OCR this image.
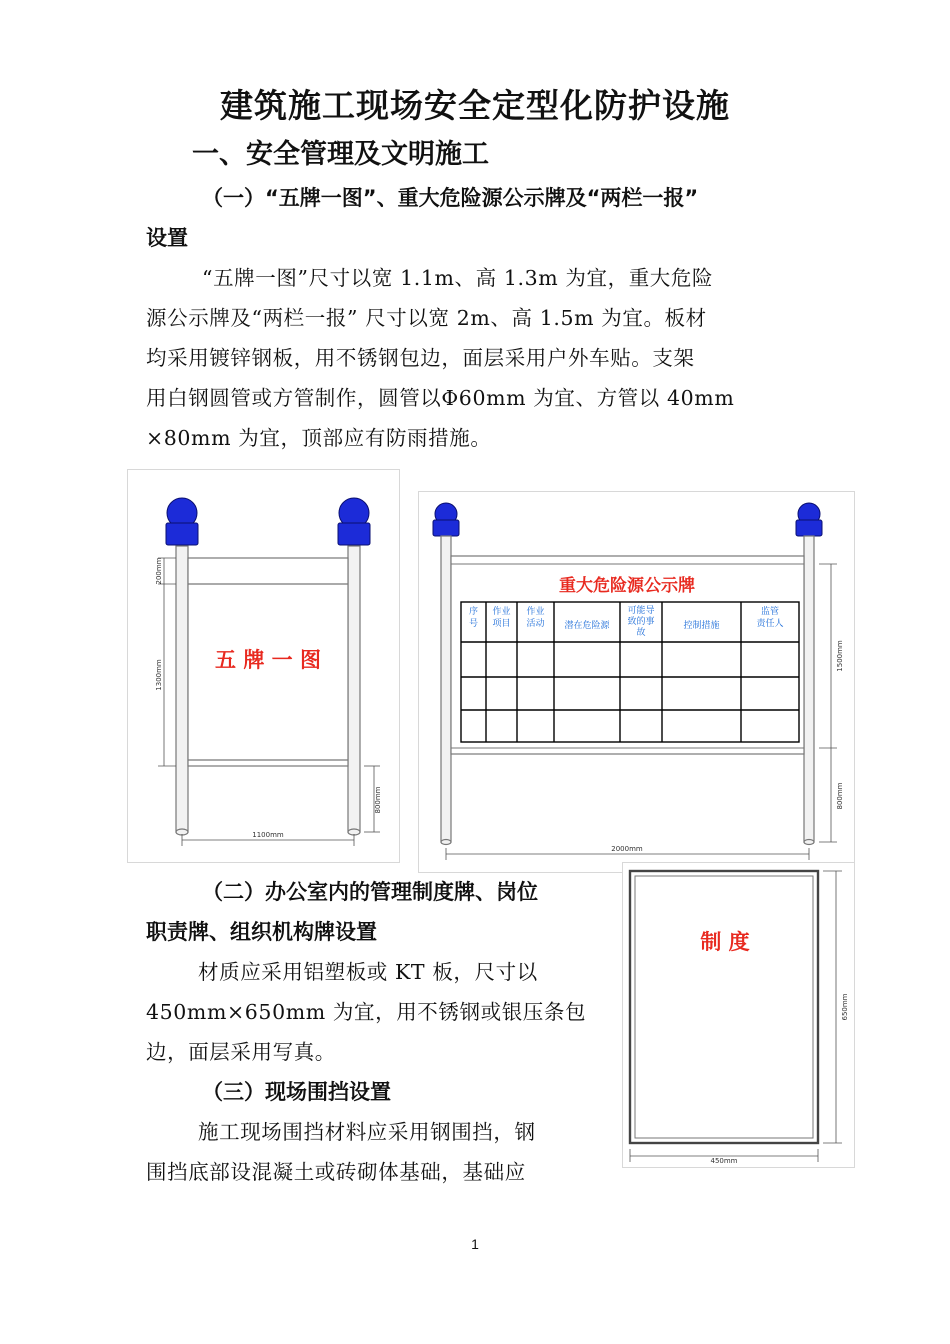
建筑施工现场安全定型化防护设施
一、安全管理及文明施工
（一）“五牌一图”、重大危险源公示牌及“两栏一报”
设置
“五牌一图”尺寸以宽 1.1m、高 1.3m 为宜，重大危险
源公示牌及“两栏一报” 尺寸以宽 2m、高 1.5m 为宜。板材
均采用镀锌钢板，用不锈钢包边，面层采用户外车贴。支架
用白钢圆管或方管制作，圆管以Φ60mm 为宜、方管以 40mm
×80mm 为宜，顶部应有防雨措施。
五 牌 一 图
200mm
1300mm
800mm
1100mm
重大危险源公示牌
序
号
作业
项目
作业
活动 潜在危险源
可能导
致的事
故
控制措施
监管
责任人
1500mm
800mm
2000mm
（二）办公室内的管理制度牌、岗位
职责牌、组织机构牌设置
材质应采用铝塑板或 KT 板，尺寸以
450mm×650mm 为宜，用不锈钢或银压条包
边，面层采用写真。
（三）现场围挡设置
施工现场围挡材料应采用钢围挡，钢
围挡底部设混凝土或砖砌体基础，基础应
制 度
650mm
450mm
1
